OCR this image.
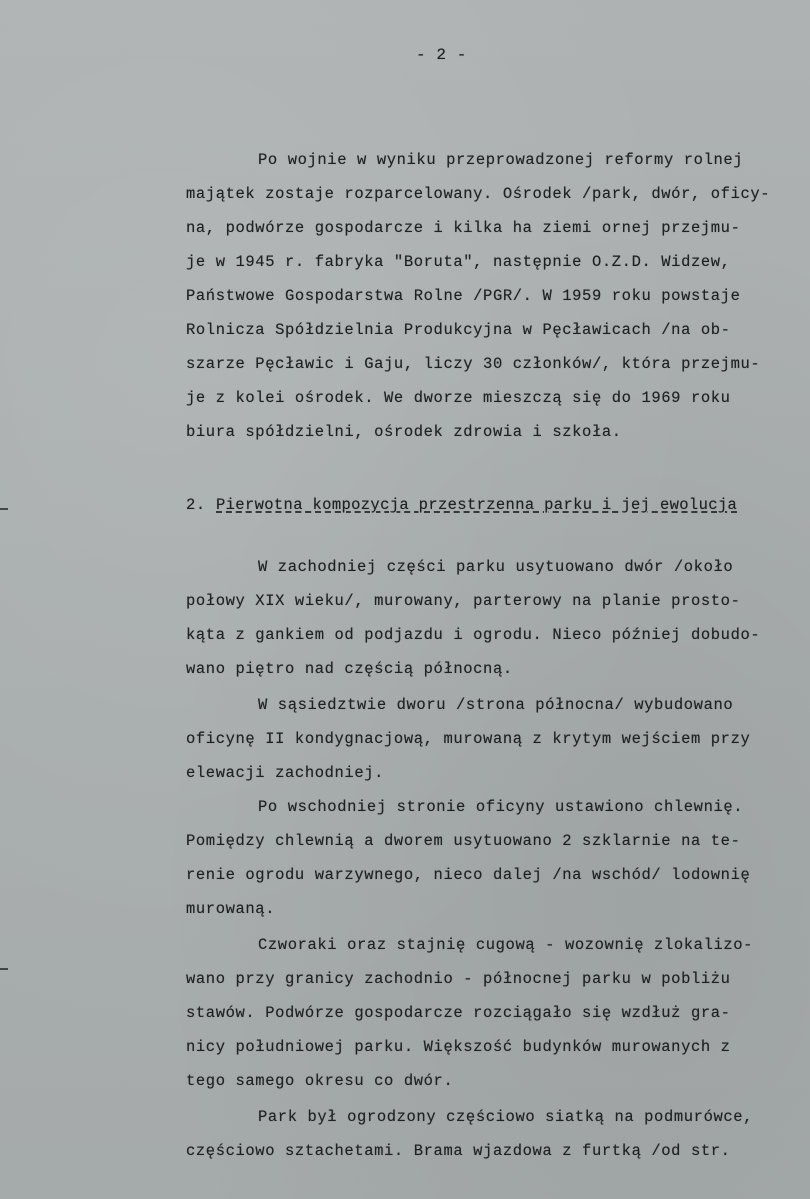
- 2 -
Po wojnie w wyniku przeprowadzonej reformy rolnej
majątek zostaje rozparcelowany. Ośrodek /park, dwór, oficy-
na, podwórze gospodarcze i kilka ha ziemi ornej przejmu-
je w 1945 r. fabryka "Boruta", następnie O.Z.D. Widzew,
Państwowe Gospodarstwa Rolne /PGR/. W 1959 roku powstaje
Rolnicza Spółdzielnia Produkcyjna w Pęcławicach /na ob-
szarze Pęcławic i Gaju, liczy 30 członków/, która przejmu-
je z kolei ośrodek. We dworze mieszczą się do 1969 roku
biura spółdzielni, ośrodek zdrowia i szkoła.
2. Pierwotna kompozycja przestrzenna parku i jej ewolucja
W zachodniej części parku usytuowano dwór /około
połowy XIX wieku/, murowany, parterowy na planie prosto-
kąta z gankiem od podjazdu i ogrodu. Nieco później dobudo-
wano piętro nad częścią północną.
W sąsiedztwie dworu /strona północna/ wybudowano
oficynę II kondygnacjową, murowaną z krytym wejściem przy
elewacji zachodniej.
Po wschodniej stronie oficyny ustawiono chlewnię.
Pomiędzy chlewnią a dworem usytuowano 2 szklarnie na te-
renie ogrodu warzywnego, nieco dalej /na wschód/ lodownię
murowaną.
Czworaki oraz stajnię cugową - wozownię zlokalizo-
wano przy granicy zachodnio - północnej parku w pobliżu
stawów. Podwórze gospodarcze rozciągało się wzdłuż gra-
nicy południowej parku. Większość budynków murowanych z
tego samego okresu co dwór.
Park był ogrodzony częściowo siatką na podmurówce,
częściowo sztachetami. Brama wjazdowa z furtką /od str.
